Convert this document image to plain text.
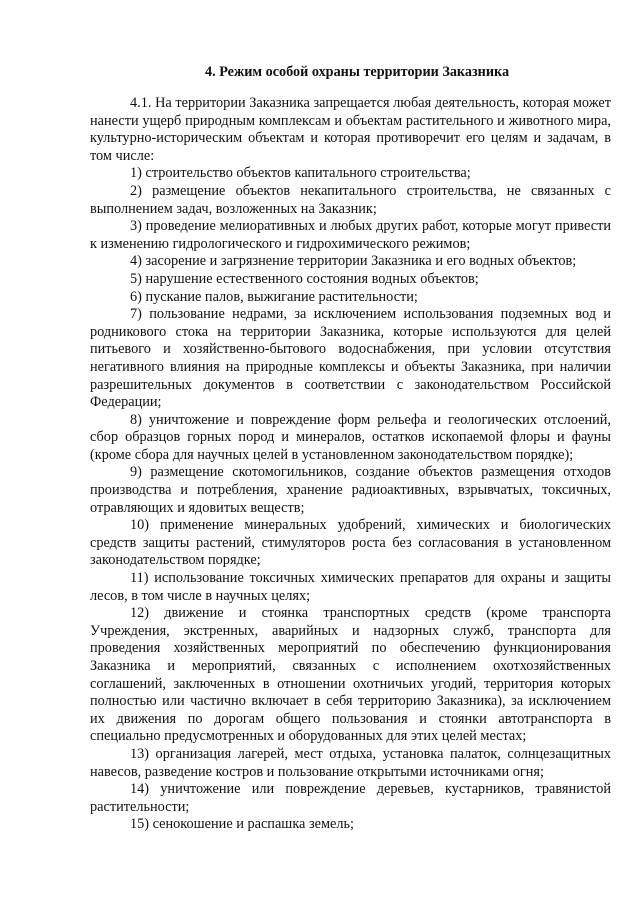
4. Режим особой охраны территории Заказника

4.1. На территории Заказника запрещается любая деятельность, которая может нанести ущерб природным комплексам и объектам растительного и животного мира, культурно-историческим объектам и которая противоречит его целям и задачам, в том числе:

1) строительство объектов капитального строительства;

2) размещение объектов некапитального строительства, не связанных с выполнением задач, возложенных на Заказник;

3) проведение мелиоративных и любых других работ, которые могут привести к изменению гидрологического и гидрохимического режимов;

4) засорение и загрязнение территории Заказника и его водных объектов;

5) нарушение естественного состояния водных объектов;

6) пускание палов, выжигание растительности;

7) пользование недрами, за исключением использования подземных вод и родникового стока на территории Заказника, которые используются для целей питьевого и хозяйственно-бытового водоснабжения, при условии отсутствия негативного влияния на природные комплексы и объекты Заказника, при наличии разрешительных документов в соответствии с законодательством Российской Федерации;

8) уничтожение и повреждение форм рельефа и геологических отслоений, сбор образцов горных пород и минералов, остатков ископаемой флоры и фауны (кроме сбора для научных целей в установленном законодательством порядке);

9) размещение скотомогильников, создание объектов размещения отходов производства и потребления, хранение радиоактивных, взрывчатых, токсичных, отравляющих и ядовитых веществ;

10) применение минеральных удобрений, химических и биологических средств защиты растений, стимуляторов роста без согласования в установленном законодательством порядке;

11) использование токсичных химических препаратов для охраны и защиты лесов, в том числе в научных целях;

12) движение и стоянка транспортных средств (кроме транспорта Учреждения, экстренных, аварийных и надзорных служб, транспорта для проведения хозяйственных мероприятий по обеспечению функционирования Заказника и мероприятий, связанных с исполнением охотхозяйственных соглашений, заключенных в отношении охотничьих угодий, территория которых полностью или частично включает в себя территорию Заказника), за исключением их движения по дорогам общего пользования и стоянки автотранспорта в специально предусмотренных и оборудованных для этих целей местах;

13) организация лагерей, мест отдыха, установка палаток, солнцезащитных навесов, разведение костров и пользование открытыми источниками огня;

14) уничтожение или повреждение деревьев, кустарников, травянистой растительности;

15) сенокошение и распашка земель;
